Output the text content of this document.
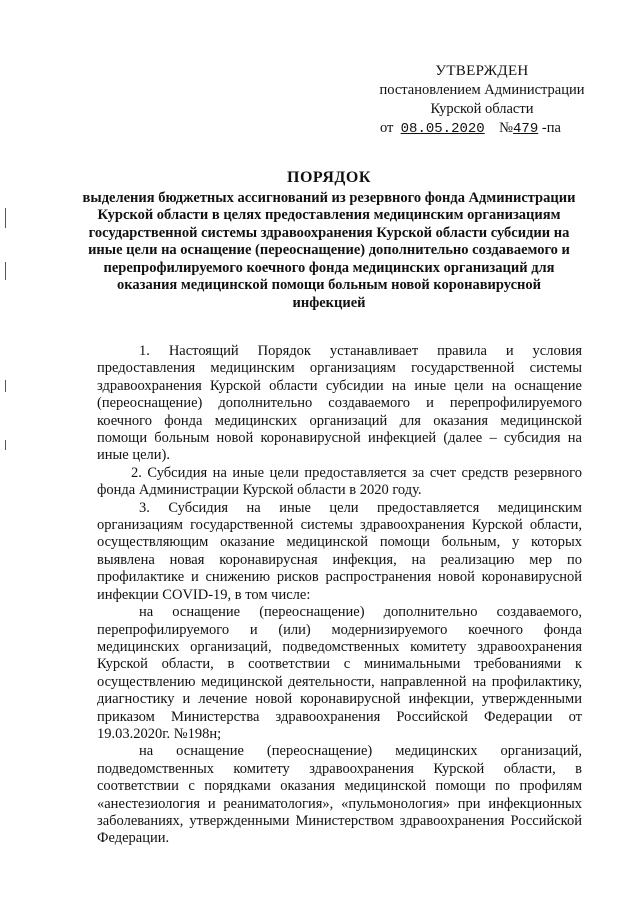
УТВЕРЖДЕН
постановлением Администрации
Курской области
от 08.05.2020 №479 -па
ПОРЯДОК
выделения бюджетных ассигнований из резервного фонда Администрации Курской области в целях предоставления медицинским организациям государственной системы здравоохранения Курской области субсидии на иные цели на оснащение (переоснащение) дополнительно создаваемого и перепрофилируемого коечного фонда медицинских организаций для оказания медицинской помощи больным новой коронавирусной инфекцией

1. Настоящий Порядок устанавливает правила и условия предоставления медицинским организациям государственной системы здравоохранения Курской области субсидии на иные цели на оснащение (переоснащение) дополнительно создаваемого и перепрофилируемого коечного фонда медицинских организаций для оказания медицинской помощи больным новой коронавирусной инфекцией (далее – субсидия на иные цели).

2. Субсидия на иные цели предоставляется за счет средств резервного фонда Администрации Курской области в 2020 году.

3. Субсидия на иные цели предоставляется медицинским организациям государственной системы здравоохранения Курской области, осуществляющим оказание медицинской помощи больным, у которых выявлена новая коронавирусная инфекция, на реализацию мер по профилактике и снижению рисков распространения новой коронавирусной инфекции COVID-19, в том числе:

на оснащение (переоснащение) дополнительно создаваемого, перепрофилируемого и (или) модернизируемого коечного фонда медицинских организаций, подведомственных комитету здравоохранения Курской области, в соответствии с минимальными требованиями к осуществлению медицинской деятельности, направленной на профилактику, диагностику и лечение новой коронавирусной инфекции, утвержденными приказом Министерства здравоохранения Российской Федерации от 19.03.2020г. №198н;

на оснащение (переоснащение) медицинских организаций, подведомственных комитету здравоохранения Курской области, в соответствии с порядками оказания медицинской помощи по профилям «анестезиология и реаниматология», «пульмонология» при инфекционных заболеваниях, утвержденными Министерством здравоохранения Российской Федерации.
